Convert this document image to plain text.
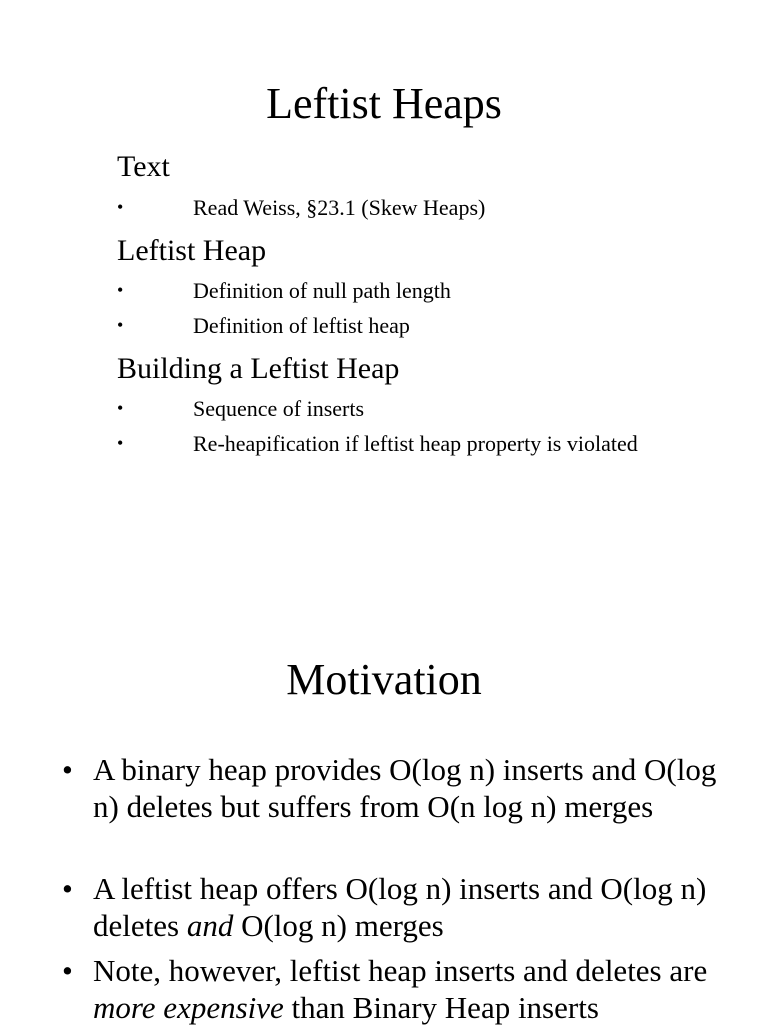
Leftist Heaps
Text
•	Read Weiss, §23.1 (Skew Heaps)
Leftist Heap
•	Definition of null path length
•	Definition of leftist heap
Building a Leftist Heap
•	Sequence of inserts
•	Re-heapification if leftist heap property is violated
Motivation
• A binary heap provides O(log n) inserts and O(log n) deletes but suffers from O(n log n) merges
• A leftist heap offers O(log n) inserts and O(log n) deletes and O(log n) merges
• Note, however, leftist heap inserts and deletes are more expensive than Binary Heap inserts
